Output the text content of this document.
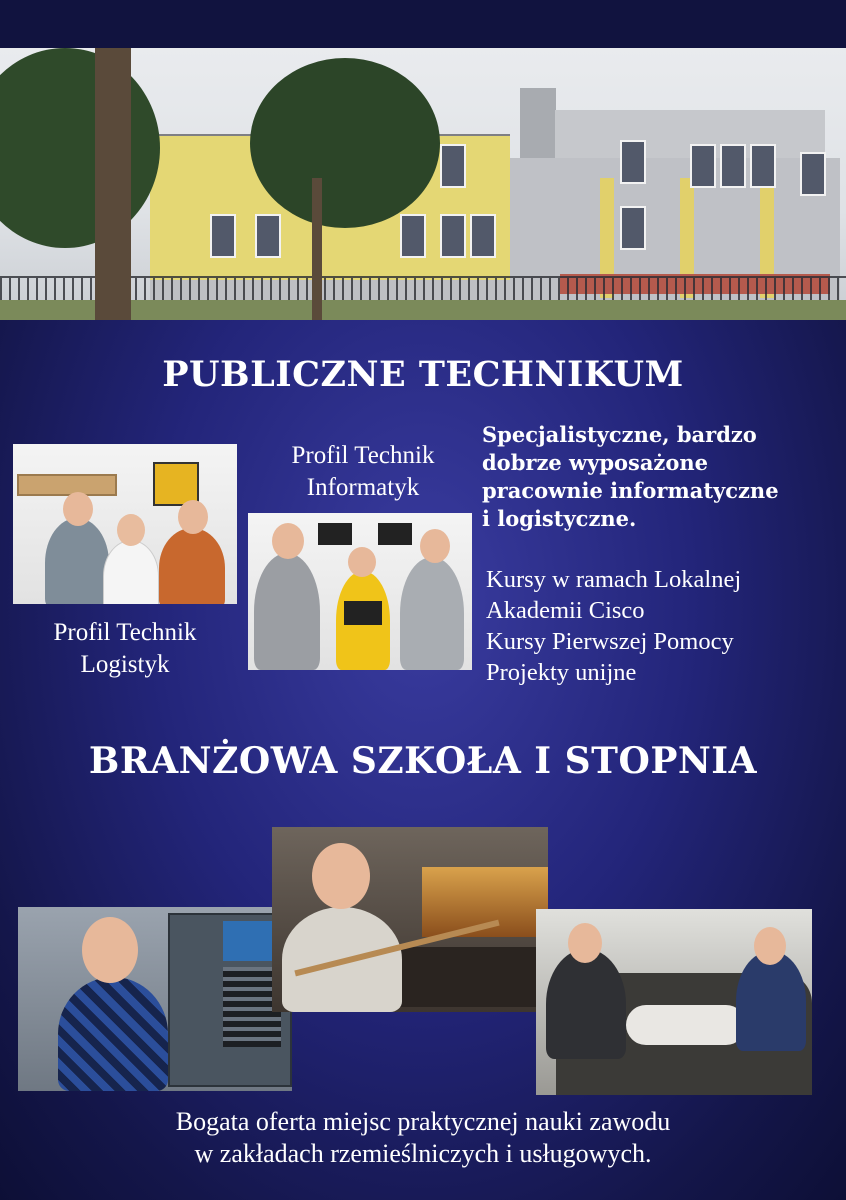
PUBLICZNE TECHNIKUM
Profil Technik
Logistyk
Profil Technik
Informatyk
Specjalistyczne, bardzo
dobrze wyposażone
pracownie informatyczne
i logistyczne.
Kursy w ramach Lokalnej
Akademii Cisco
Kursy Pierwszej Pomocy
Projekty unijne
BRANŻOWA SZKOŁA I STOPNIA
Bogata oferta miejsc praktycznej nauki zawodu
w zakładach rzemieślniczych i usługowych.
